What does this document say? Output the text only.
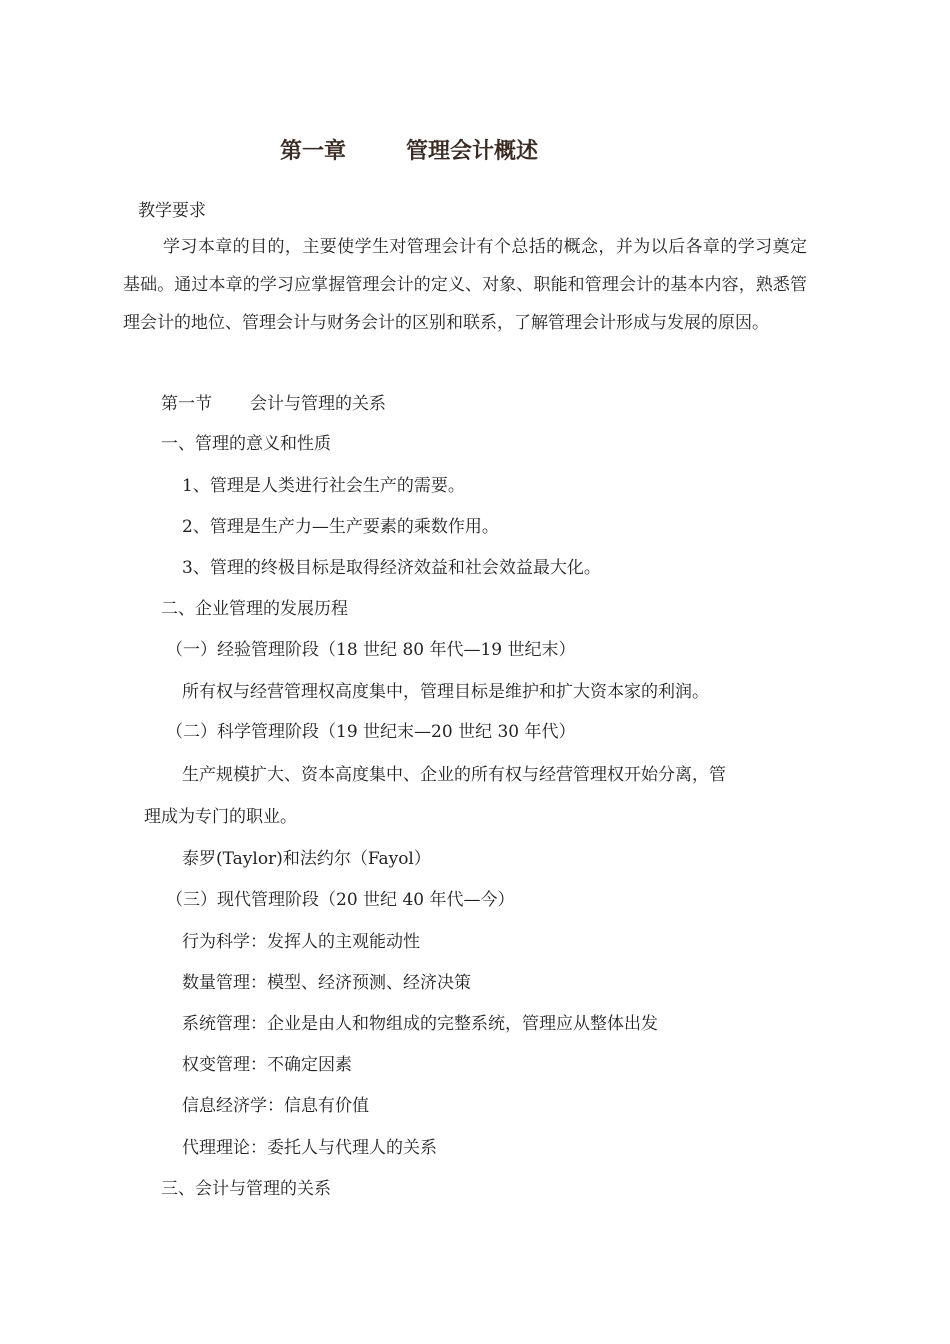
第一章	管理会计概述
教学要求
学习本章的目的，主要使学生对管理会计有个总括的概念，并为以后各章的学习奠定基础。通过本章的学习应掌握管理会计的定义、对象、职能和管理会计的基本内容，熟悉管理会计的地位、管理会计与财务会计的区别和联系，了解管理会计形成与发展的原因。
第一节 会计与管理的关系
一、管理的意义和性质
1、管理是人类进行社会生产的需要。
2、管理是生产力—生产要素的乘数作用。
3、管理的终极目标是取得经济效益和社会效益最大化。
二、企业管理的发展历程
（一）经验管理阶段（18 世纪 80 年代—19 世纪末）
所有权与经营管理权高度集中，管理目标是维护和扩大资本家的利润。
（二）科学管理阶段（19 世纪末—20 世纪 30 年代）
生产规模扩大、资本高度集中、企业的所有权与经营管理权开始分离，管
理成为专门的职业。
泰罗(Taylor)和法约尔（Fayol）
（三）现代管理阶段（20 世纪 40 年代—今）
行为科学：发挥人的主观能动性
数量管理：模型、经济预测、经济决策
系统管理：企业是由人和物组成的完整系统，管理应从整体出发
权变管理：不确定因素
信息经济学：信息有价值
代理理论：委托人与代理人的关系
三、会计与管理的关系
